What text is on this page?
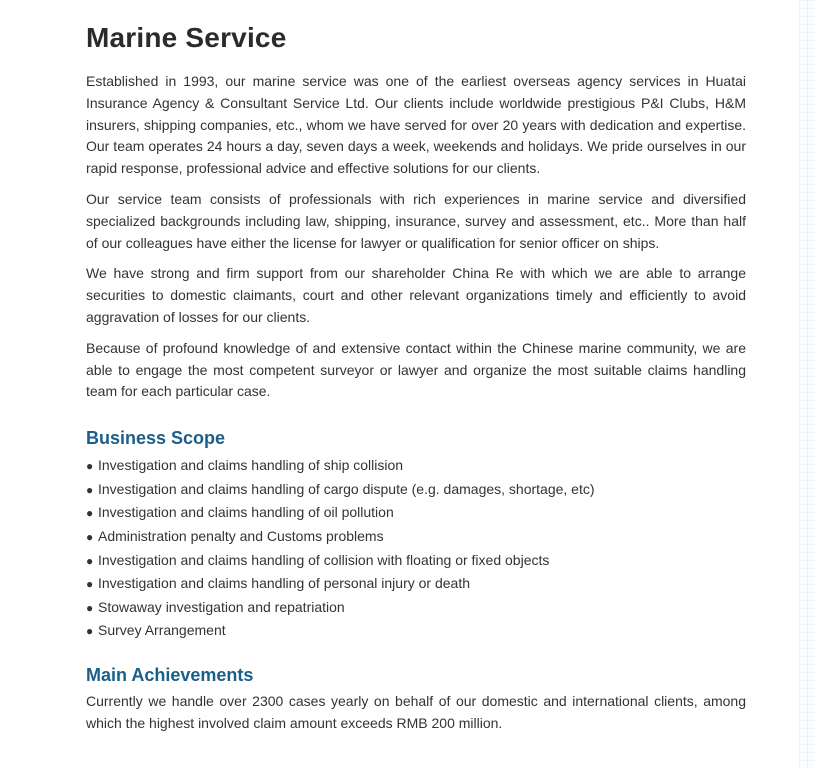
Marine Service

Established in 1993, our marine service was one of the earliest overseas agency services in Huatai Insurance Agency & Consultant Service Ltd. Our clients include worldwide prestigious P&I Clubs, H&M insurers, shipping companies, etc., whom we have served for over 20 years with dedication and expertise. Our team operates 24 hours a day, seven days a week, weekends and holidays. We pride ourselves in our rapid response, professional advice and effective solutions for our clients.

Our service team consists of professionals with rich experiences in marine service and diversified specialized backgrounds including law, shipping, insurance, survey and assessment, etc.. More than half of our colleagues have either the license for lawyer or qualification for senior officer on ships.

We have strong and firm support from our shareholder China Re with which we are able to arrange securities to domestic claimants, court and other relevant organizations timely and efficiently to avoid aggravation of losses for our clients.

Because of profound knowledge of and extensive contact within the Chinese marine community, we are able to engage the most competent surveyor or lawyer and organize the most suitable claims handling team for each particular case.

Business Scope
● Investigation and claims handling of ship collision
● Investigation and claims handling of cargo dispute (e.g. damages, shortage, etc)
● Investigation and claims handling of oil pollution
● Administration penalty and Customs problems
● Investigation and claims handling of collision with floating or fixed objects
● Investigation and claims handling of personal injury or death
● Stowaway investigation and repatriation
● Survey Arrangement
Main Achievements

Currently we handle over 2300 cases yearly on behalf of our domestic and international clients, among which the highest involved claim amount exceeds RMB 200 million.
